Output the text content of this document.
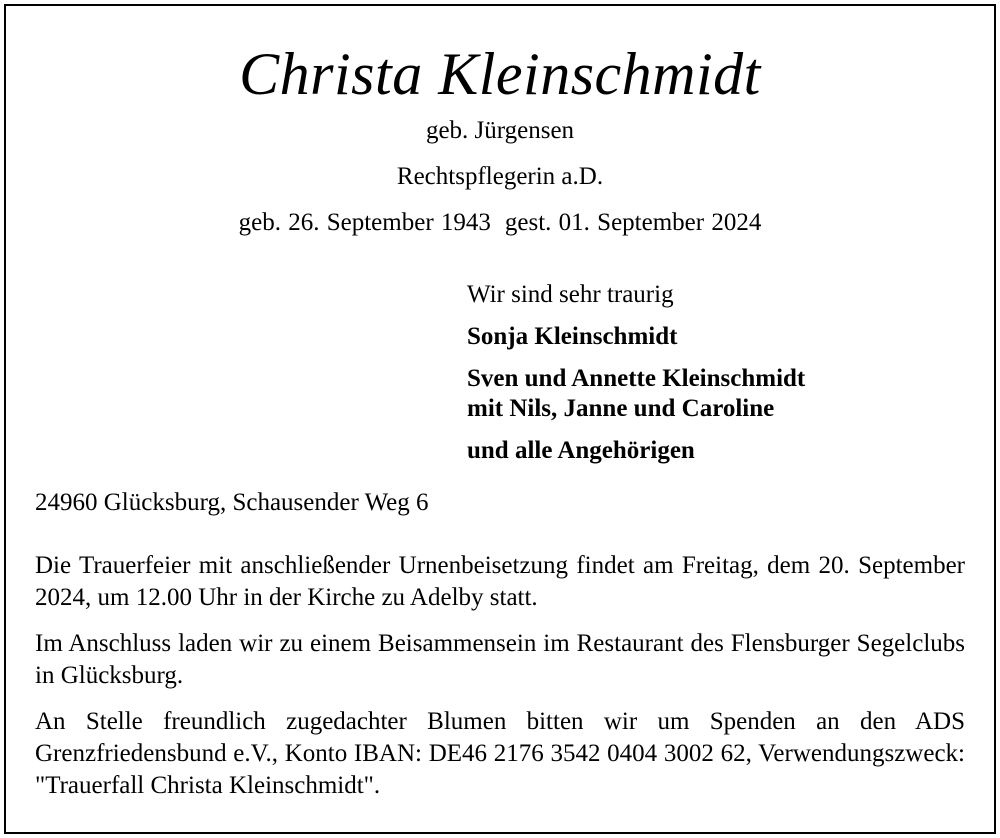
Christa Kleinschmidt
geb. Jürgensen
Rechtspflegerin a.D.
geb. 26. September 1943 gest. 01. September 2024
Wir sind sehr traurig
Sonja Kleinschmidt
Sven und Annette Kleinschmidt
mit Nils, Janne und Caroline
und alle Angehörigen
24960 Glücksburg, Schausender Weg 6
Die Trauerfeier mit anschließender Urnenbeisetzung findet am Freitag, dem 20. September 2024, um 12.00 Uhr in der Kirche zu Adelby statt.
Im Anschluss laden wir zu einem Beisammensein im Restaurant des Flensburger Segelclubs in Glücksburg.
An Stelle freundlich zugedachter Blumen bitten wir um Spenden an den ADS Grenzfriedensbund e.V., Konto IBAN: DE46 2176 3542 0404 3002 62, Verwendungszweck: "Trauerfall Christa Kleinschmidt".
